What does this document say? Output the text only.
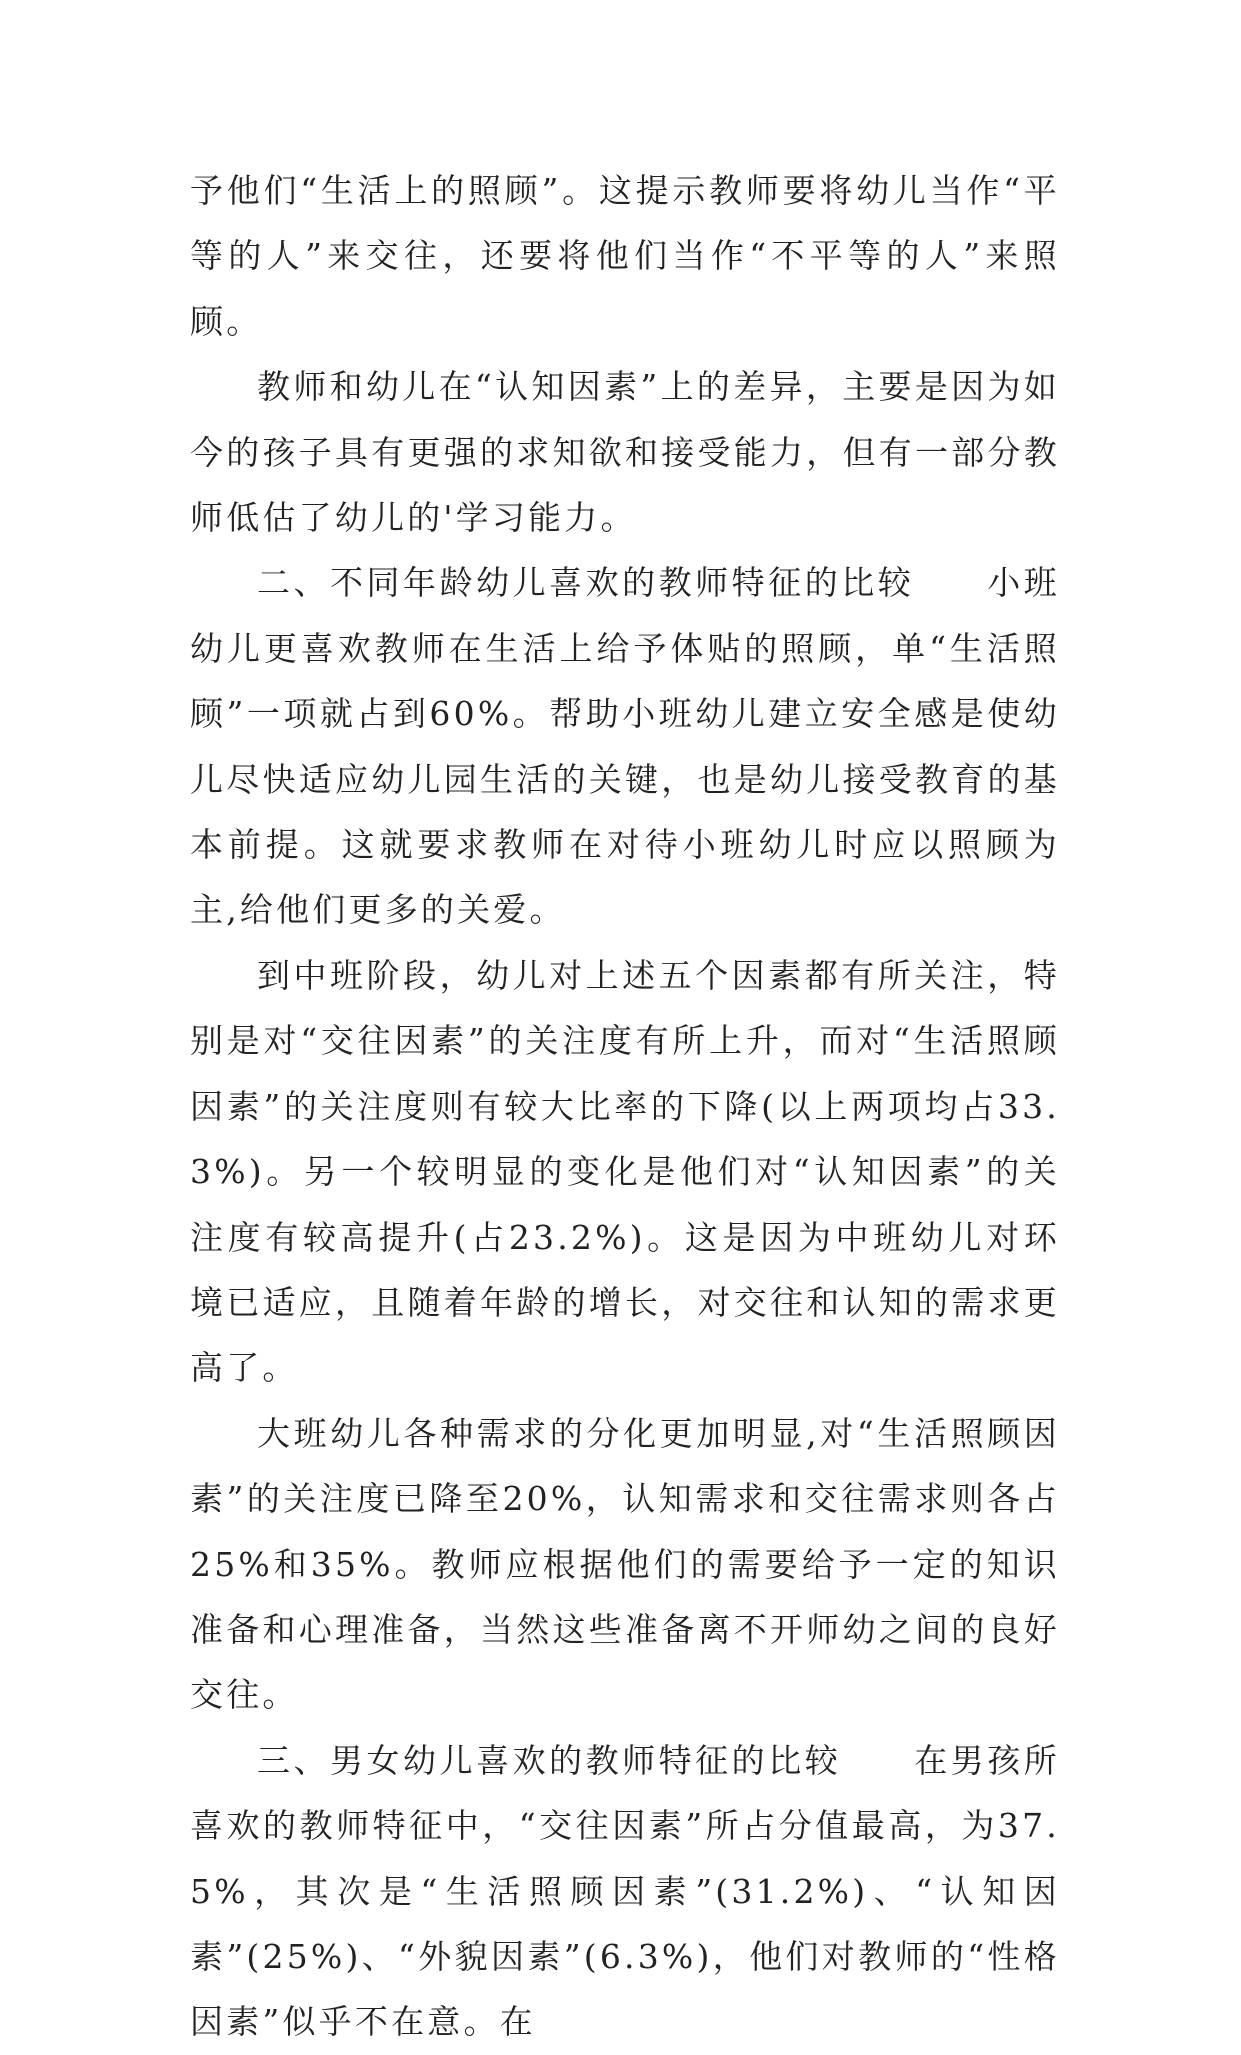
予他们“生活上的照顾”。这提示教师要将幼儿当作“平等的人”来交往，还要将他们当作“不平等的人”来照顾。

教师和幼儿在“认知因素”上的差异，主要是因为如今的孩子具有更强的求知欲和接受能力，但有一部分教师低估了幼儿的'学习能力。

二、不同年龄幼儿喜欢的教师特征的比较　　小班幼儿更喜欢教师在生活上给予体贴的照顾，单“生活照顾”一项就占到60%。帮助小班幼儿建立安全感是使幼儿尽快适应幼儿园生活的关键，也是幼儿接受教育的基本前提。这就要求教师在对待小班幼儿时应以照顾为主,给他们更多的关爱。

到中班阶段，幼儿对上述五个因素都有所关注，特别是对“交往因素”的关注度有所上升，而对“生活照顾因素”的关注度则有较大比率的下降(以上两项均占33.3%)。另一个较明显的变化是他们对“认知因素”的关注度有较高提升(占23.2%)。这是因为中班幼儿对环境已适应，且随着年龄的增长，对交往和认知的需求更高了。

大班幼儿各种需求的分化更加明显,对“生活照顾因素”的关注度已降至20%，认知需求和交往需求则各占25%和35%。教师应根据他们的需要给予一定的知识准备和心理准备，当然这些准备离不开师幼之间的良好交往。

三、男女幼儿喜欢的教师特征的比较　　在男孩所喜欢的教师特征中，“交往因素”所占分值最高，为37.5%，其次是“生活照顾因素”(31.2%)、“认知因素”(25%)、“外貌因素”(6.3%)，他们对教师的“性格因素”似乎不在意。在
